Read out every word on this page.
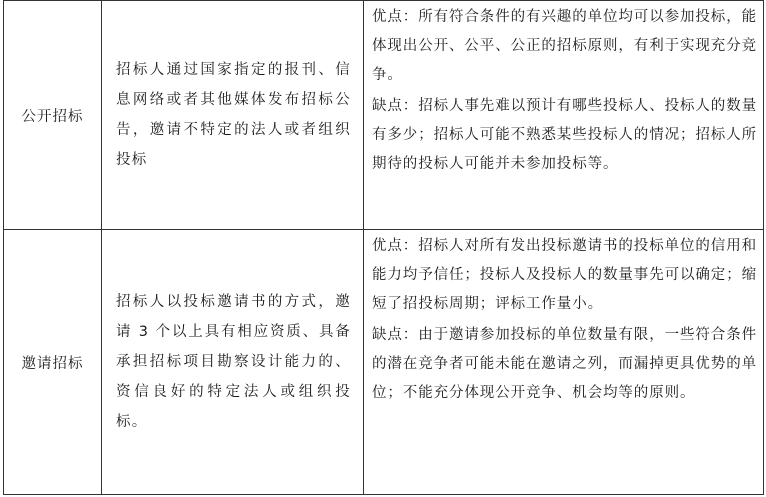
公开招标	招标人通过国家指定的报刊、信息网络或者其他媒体发布招标公告，邀请不特定的法人或者组织投标	优点：所有符合条件的有兴趣的单位均可以参加投标，能体现出公开、公平、公正的招标原则，有利于实现充分竞争。

缺点：招标人事先难以预计有哪些投标人、投标人的数量有多少；招标人可能不熟悉某些投标人的情况；招标人所期待的投标人可能并未参加投标等。

邀请招标	招标人以投标邀请书的方式，邀请 3 个以上具有相应资质、具备承担招标项目勘察设计能力的、资信良好的特定法人或组织投标。	优点：招标人对所有发出投标邀请书的投标单位的信用和能力均予信任；投标人及投标人的数量事先可以确定；缩短了招投标周期；评标工作量小。

缺点：由于邀请参加投标的单位数量有限，一些符合条件的潜在竞争者可能未能在邀请之列，而漏掉更具优势的单位；不能充分体现公开竞争、机会均等的原则。
